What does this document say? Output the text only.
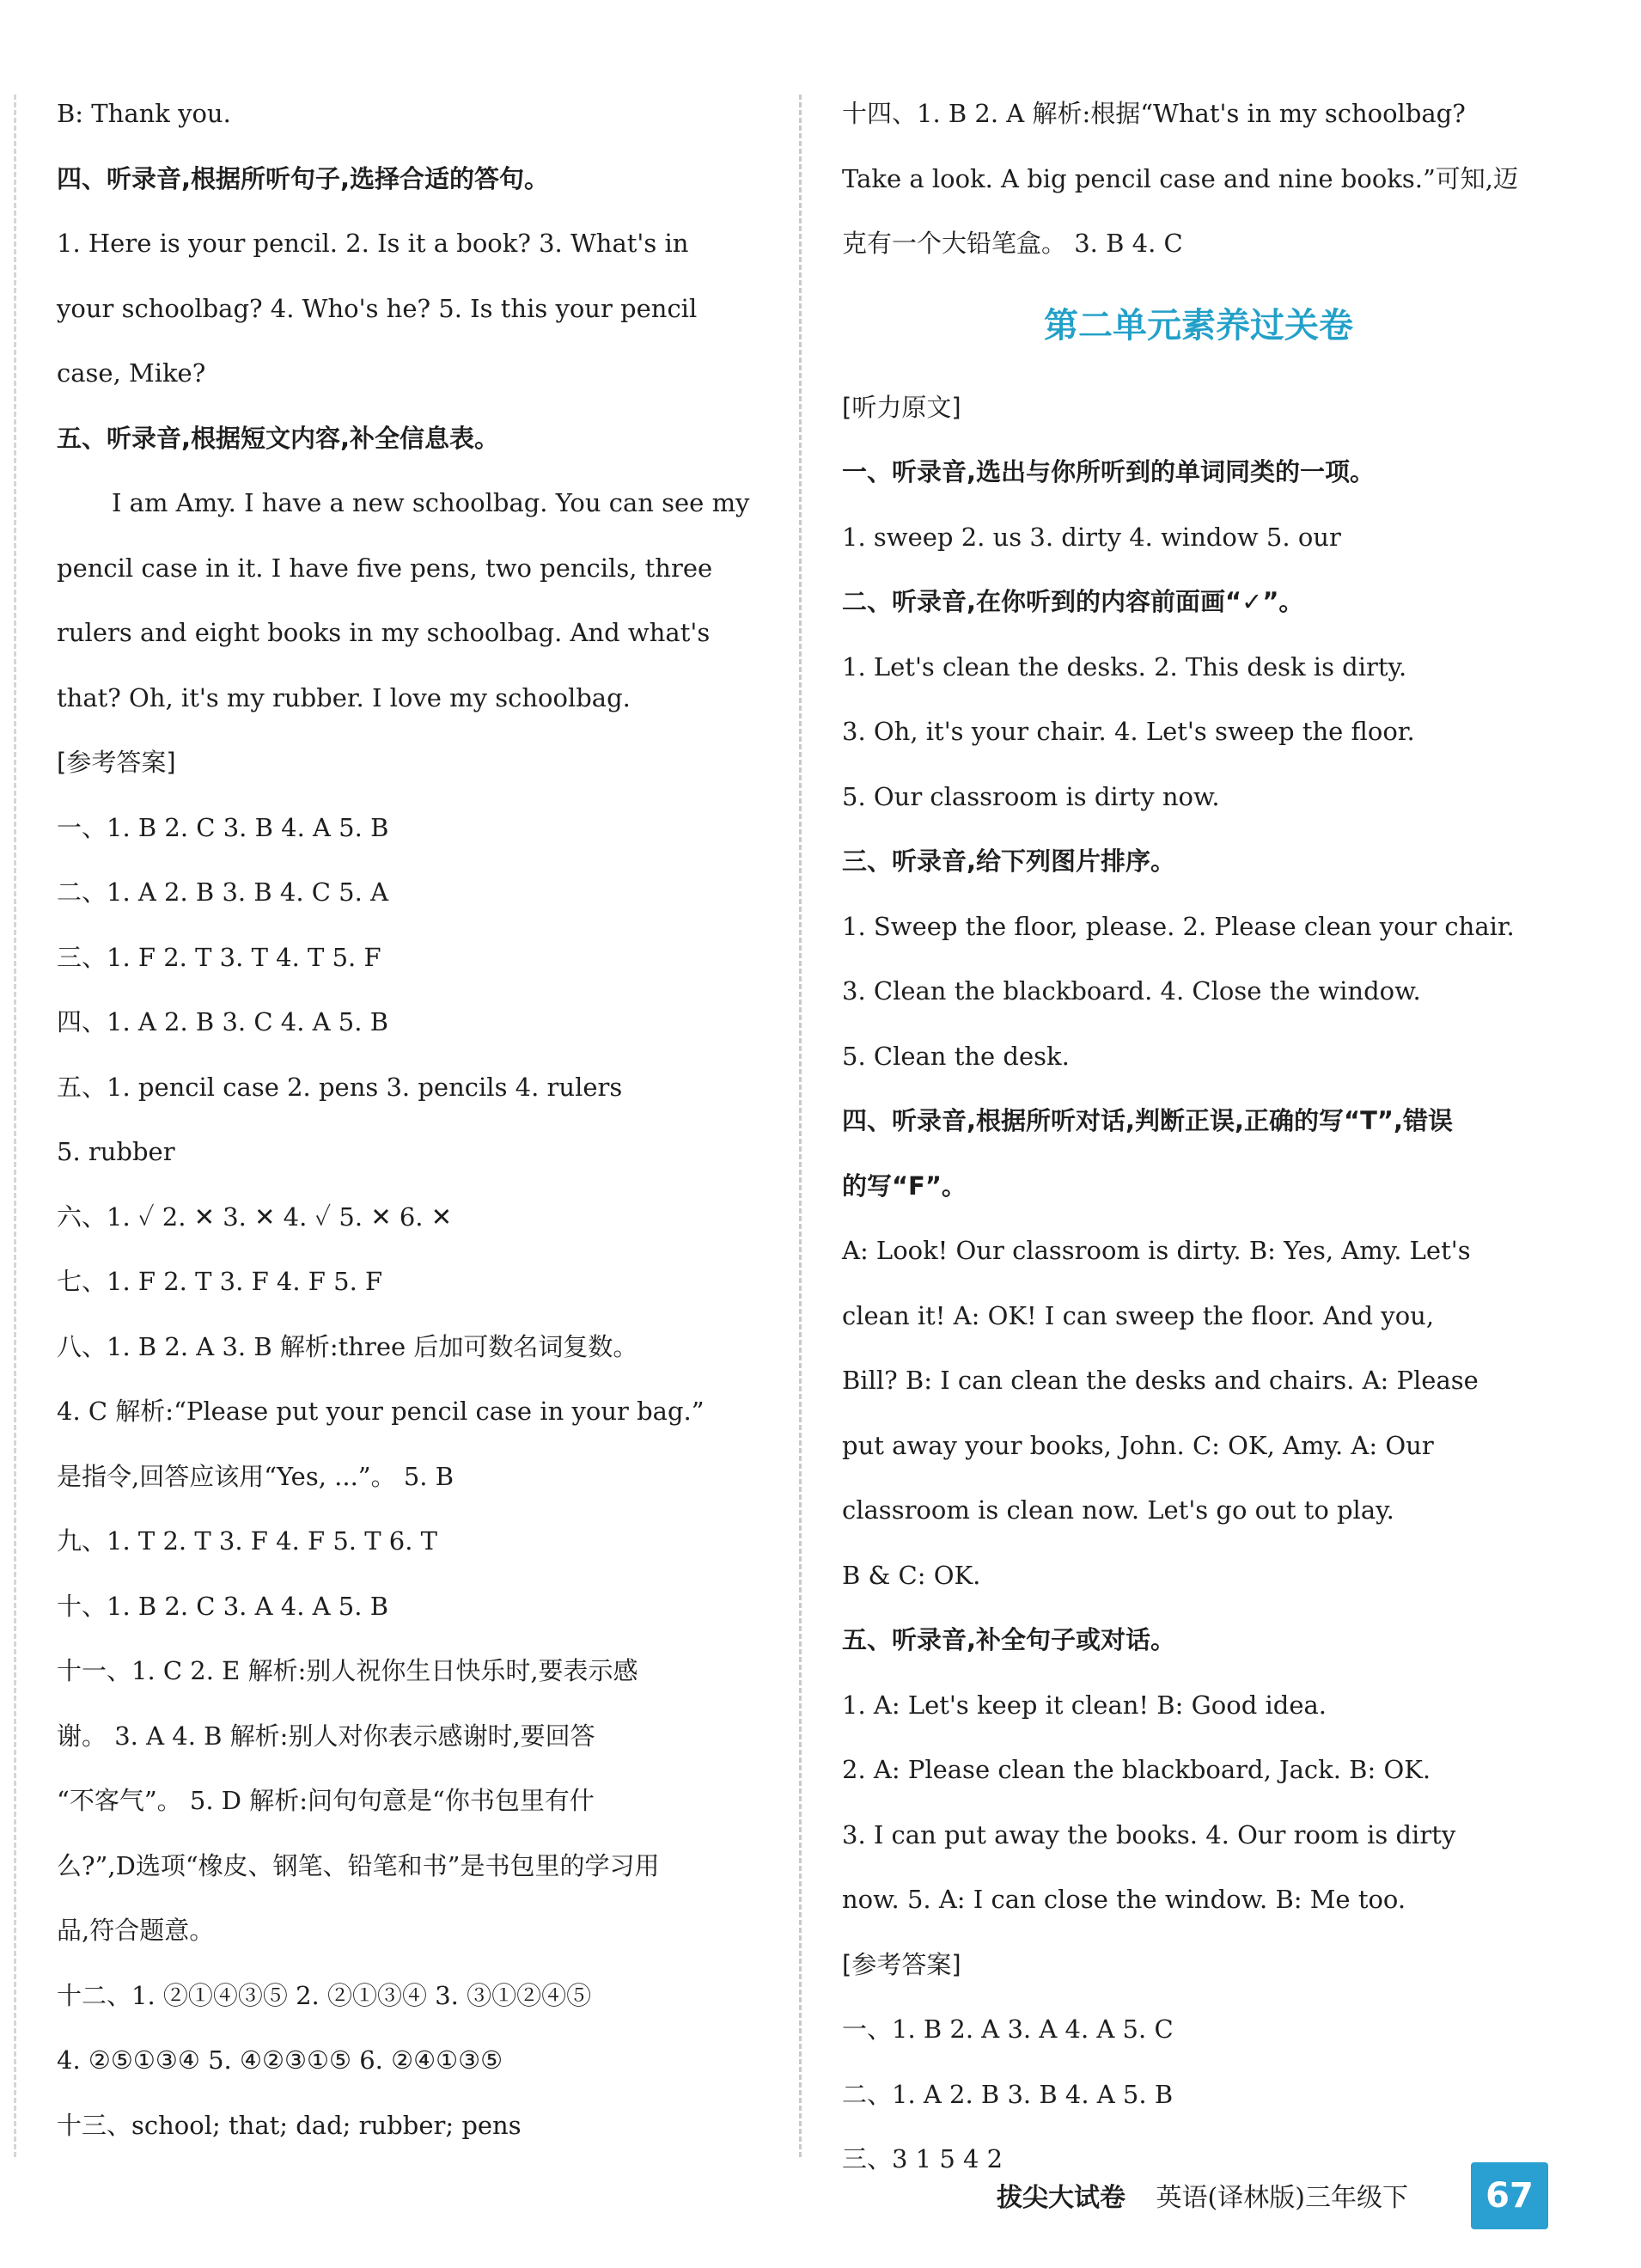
B: Thank you.
四、听录音,根据所听句子,选择合适的答句。
1. Here is your pencil. 2. Is it a book? 3. What's in
your schoolbag? 4. Who's he? 5. Is this your pencil
case, Mike?
五、听录音,根据短文内容,补全信息表。
I am Amy. I have a new schoolbag. You can see my
pencil case in it. I have five pens, two pencils, three
rulers and eight books in my schoolbag. And what's
that? Oh, it's my rubber. I love my schoolbag.
[参考答案]
一、1. B 2. C 3. B 4. A 5. B
二、1. A 2. B 3. B 4. C 5. A
三、1. F 2. T 3. T 4. T 5. F
四、1. A 2. B 3. C 4. A 5. B
五、1. pencil case 2. pens 3. pencils 4. rulers
5. rubber
六、1. ✓ 2. ✕ 3. ✕ 4. ✓ 5. ✕ 6. ✕
七、1. F 2. T 3. F 4. F 5. F
八、1. B 2. A 3. B 解析:three 后加可数名词复数。
4. C 解析:“Please put your pencil case in your bag.”
是指令,回答应该用“Yes, ...”。 5. B
九、1. T 2. T 3. F 4. F 5. T 6. T
十、1. B 2. C 3. A 4. A 5. B
十一、1. C 2. E 解析:别人祝你生日快乐时,要表示感
谢。 3. A 4. B 解析:别人对你表示感谢时,要回答
“不客气”。 5. D 解析:问句句意是“你书包里有什
么?”,D选项“橡皮、钢笔、铅笔和书”是书包里的学习用
品,符合题意。
十二、1. ②①④③⑤ 2. ②①③④ 3. ③①②④⑤
4. ②⑤①③④ 5. ④②③①⑤ 6. ②④①③⑤
十三、school; that; dad; rubber; pens
十四、1. B 2. A 解析:根据“What's in my schoolbag?
Take a look. A big pencil case and nine books.”可知,迈
克有一个大铅笔盒。 3. B 4. C
第二单元素养过关卷
[听力原文]
一、听录音,选出与你所听到的单词同类的一项。
1. sweep 2. us 3. dirty 4. window 5. our
二、听录音,在你听到的内容前面画“✓”。
1. Let's clean the desks. 2. This desk is dirty.
3. Oh, it's your chair. 4. Let's sweep the floor.
5. Our classroom is dirty now.
三、听录音,给下列图片排序。
1. Sweep the floor, please. 2. Please clean your chair.
3. Clean the blackboard. 4. Close the window.
5. Clean the desk.
四、听录音,根据所听对话,判断正误,正确的写“T”,错误
的写“F”。
A: Look! Our classroom is dirty. B: Yes, Amy. Let's
clean it! A: OK! I can sweep the floor. And you,
Bill? B: I can clean the desks and chairs. A: Please
put away your books, John. C: OK, Amy. A: Our
classroom is clean now. Let's go out to play.
B & C: OK.
五、听录音,补全句子或对话。
1. A: Let's keep it clean! B: Good idea.
2. A: Please clean the blackboard, Jack. B: OK.
3. I can put away the books. 4. Our room is dirty
now. 5. A: I can close the window. B: Me too.
[参考答案]
一、1. B 2. A 3. A 4. A 5. C
二、1. A 2. B 3. B 4. A 5. B
三、3 1 5 4 2
拔尖大试卷 英语(译林版)三年级下	67
